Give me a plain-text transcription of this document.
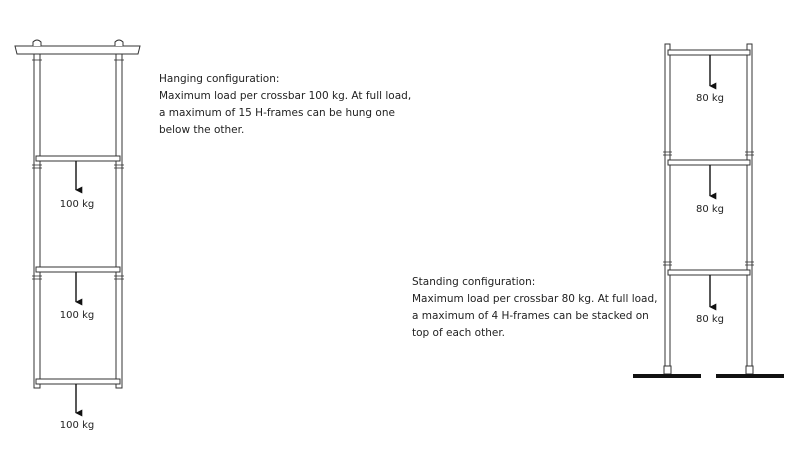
100 kg
100 kg
100 kg
80 kg
80 kg
80 kg

Hanging configuration:

Maximum load per crossbar 100 kg. At full load,

a maximum of 15 H-frames can be hung one

below the other.

Standing configuration:

Maximum load per crossbar 80 kg. At full load,

a maximum of 4 H-frames can be stacked on

top of each other.
